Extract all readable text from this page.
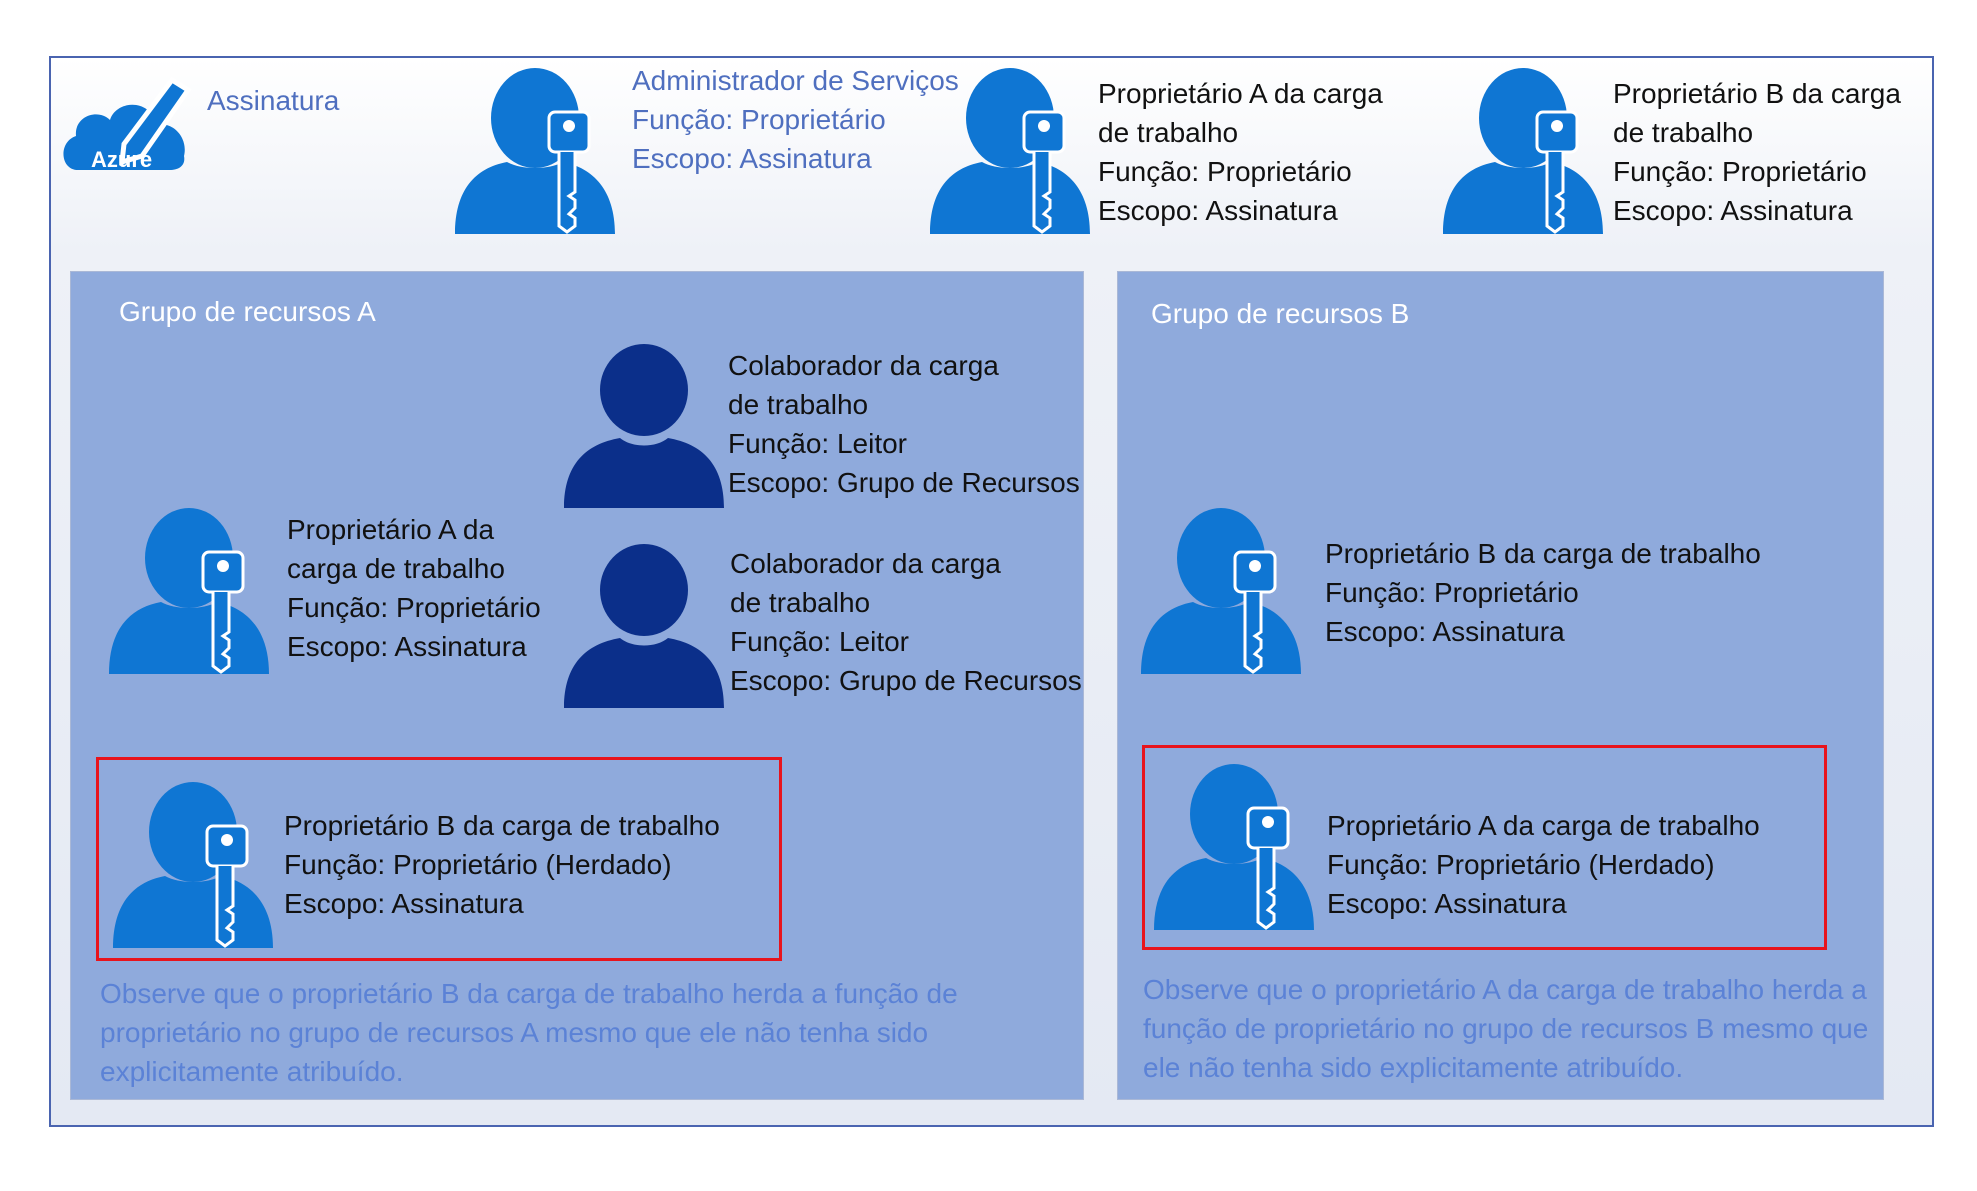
Azure
Assinatura
Administrador de Serviços
Função: Proprietário
Escopo: Assinatura
Proprietário A da carga
de trabalho
Função: Proprietário
Escopo: Assinatura
Proprietário B da carga
de trabalho
Função: Proprietário
Escopo: Assinatura
Grupo de recursos A
Colaborador da carga
de trabalho
Função: Leitor
Escopo: Grupo de Recursos
Colaborador da carga
de trabalho
Função: Leitor
Escopo: Grupo de Recursos
Proprietário A da
carga de trabalho
Função: Proprietário
Escopo: Assinatura
Proprietário B da carga de trabalho
Função: Proprietário (Herdado)
Escopo: Assinatura
Observe que o proprietário B da carga de trabalho herda a função de
proprietário no grupo de recursos A mesmo que ele não tenha sido
explicitamente atribuído.
Grupo de recursos B
Proprietário B da carga de trabalho
Função: Proprietário
Escopo: Assinatura
Proprietário A da carga de trabalho
Função: Proprietário (Herdado)
Escopo: Assinatura
Observe que o proprietário A da carga de trabalho herda a
função de proprietário no grupo de recursos B mesmo que
ele não tenha sido explicitamente atribuído.
